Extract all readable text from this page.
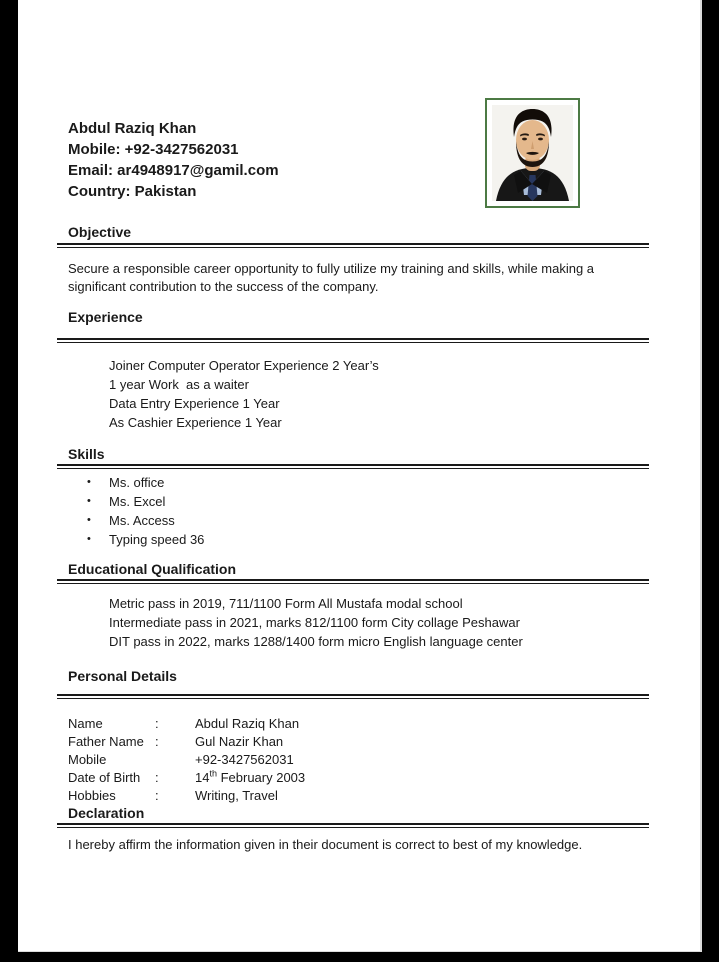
Abdul Raziq Khan
Mobile: +92-3427562031
Email: ar4948917@gamil.com
Country: Pakistan
Objective

Secure a responsible career opportunity to fully utilize my training and skills, while making a significant contribution to the success of the company.

Experience
Joiner Computer Operator Experience 2 Year’s
1 year Work  as a waiter
Data Entry Experience 1 Year
As Cashier Experience 1 Year
Skills
•	Ms. office
•	Ms. Excel
•	Ms. Access
•	Typing speed 36
Educational Qualification
Metric pass in 2019, 711/1100 Form All Mustafa modal school
Intermediate pass in 2021, marks 812/1100 form City collage Peshawar
DIT pass in 2022, marks 1288/1400 form micro English language center
Personal Details
Name	:	Abdul Raziq Khan
Father Name :	Gul Nazir Khan
Mobile	+92-3427562031
Date of Birth	:	14th February 2003
Hobbies	:	Writing, Travel
Declaration

I hereby affirm the information given in their document is correct to best of my knowledge.
